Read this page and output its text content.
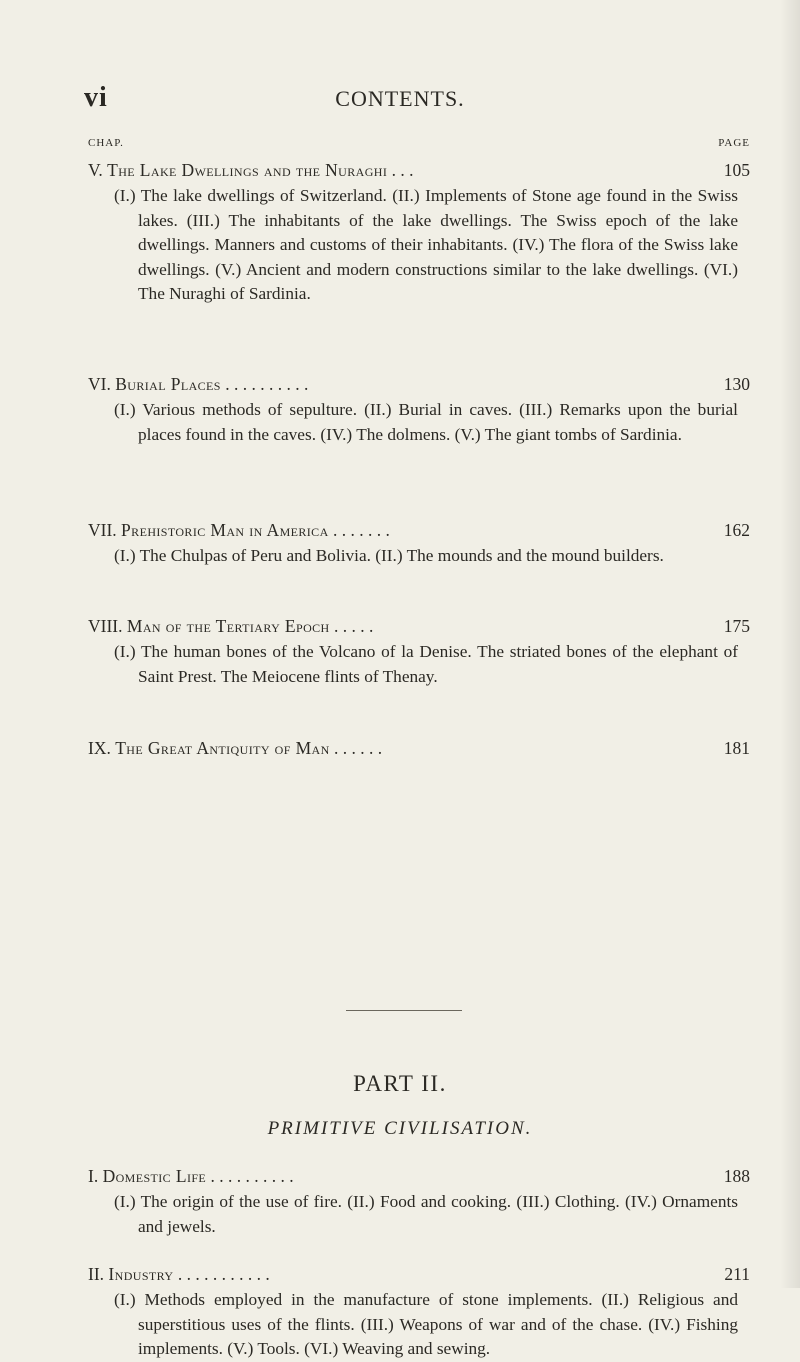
vi	CONTENTS.
CHAP.	PAGE
V. The Lake Dwellings and the Nuraghi . . .	105
(I.) The lake dwellings of Switzerland. (II.) Implements of Stone age found in the Swiss lakes. (III.) The inhabitants of the lake dwellings. The Swiss epoch of the lake dwellings. Manners and customs of their inhabitants. (IV.) The flora of the Swiss lake dwellings. (V.) Ancient and modern constructions similar to the lake dwellings. (VI.) The Nuraghi of Sardinia.
VI. Burial Places . . . . . . . . . .	130
(I.) Various methods of sepulture. (II.) Burial in caves. (III.) Remarks upon the burial places found in the caves. (IV.) The dolmens. (V.) The giant tombs of Sardinia.
VII. Prehistoric Man in America . . . . . . .	162
(I.) The Chulpas of Peru and Bolivia. (II.) The mounds and the mound builders.
VIII. Man of the Tertiary Epoch . . . . .	175
(I.) The human bones of the Volcano of la Denise. The striated bones of the elephant of Saint Prest. The Meiocene flints of Thenay.
IX. The Great Antiquity of Man . . . . . .	181
PART II.
PRIMITIVE CIVILISATION.
I. Domestic Life . . . . . . . . . .	188
(I.) The origin of the use of fire. (II.) Food and cooking. (III.) Clothing. (IV.) Ornaments and jewels.
II. Industry . . . . . . . . . . .	211
(I.) Methods employed in the manufacture of stone implements. (II.) Religious and superstitious uses of the flints. (III.) Weapons of war and of the chase. (IV.) Fishing implements. (V.) Tools. (VI.) Weaving and sewing.
